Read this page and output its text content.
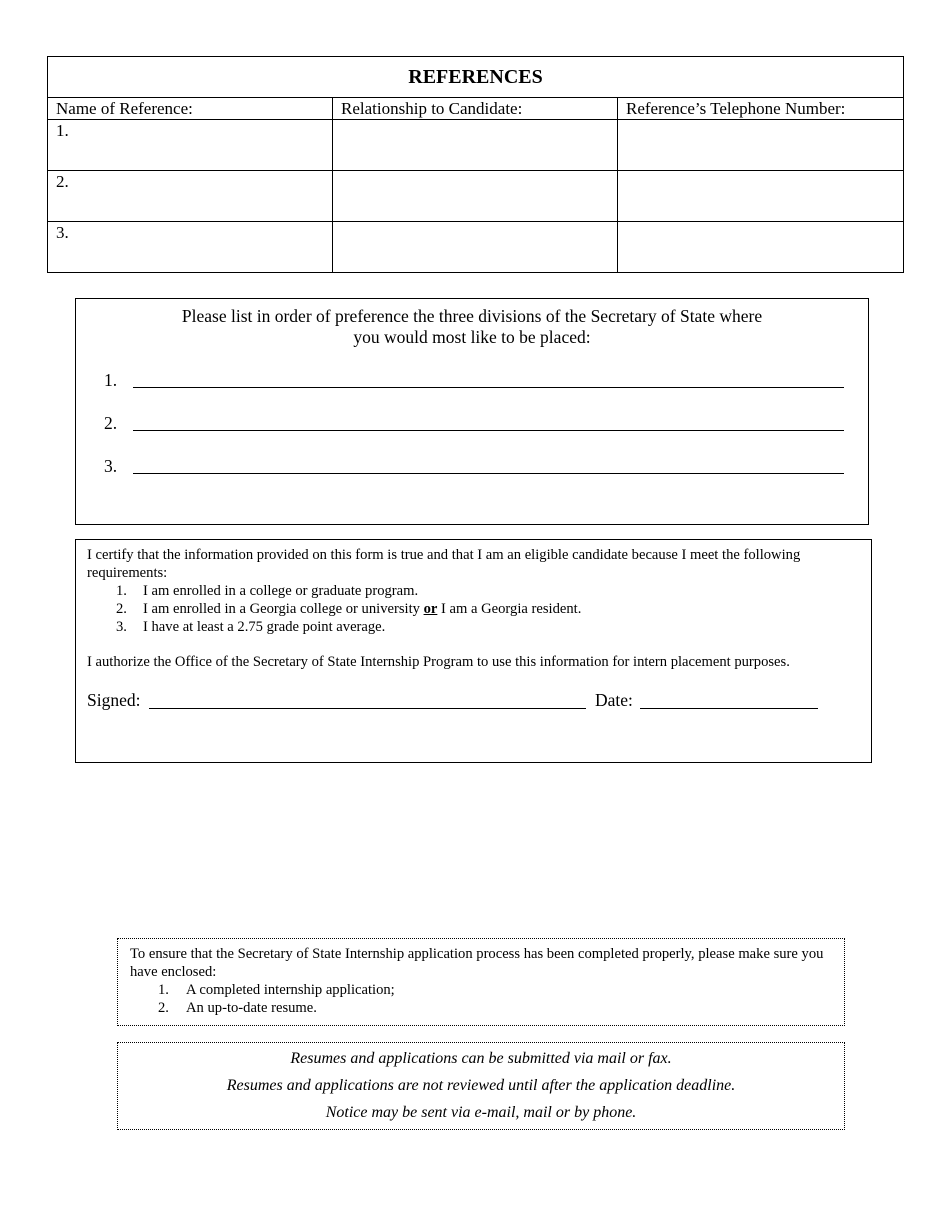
REFERENCES		
Name of Reference:	Relationship to Candidate:	Reference’s Telephone Number:
1.		
2.		
3.		
Please list in order of preference the three divisions of the Secretary of State where
you would most like to be placed:
1.
2.
3.
I certify that the information provided on this form is true and that I am an eligible candidate because I meet the following requirements:
1. I am enrolled in a college or graduate program.
2. I am enrolled in a Georgia college or university or I am a Georgia resident.
3. I have at least a 2.75 grade point average.
I authorize the Office of the Secretary of State Internship Program to use this information for intern placement purposes.
Signed:	Date:
To ensure that the Secretary of State Internship application process has been completed properly, please make sure you have enclosed:
1. A completed internship application;
2. An up-to-date resume.
Resumes and applications can be submitted via mail or fax.
Resumes and applications are not reviewed until after the application deadline.
Notice may be sent via e-mail, mail or by phone.
